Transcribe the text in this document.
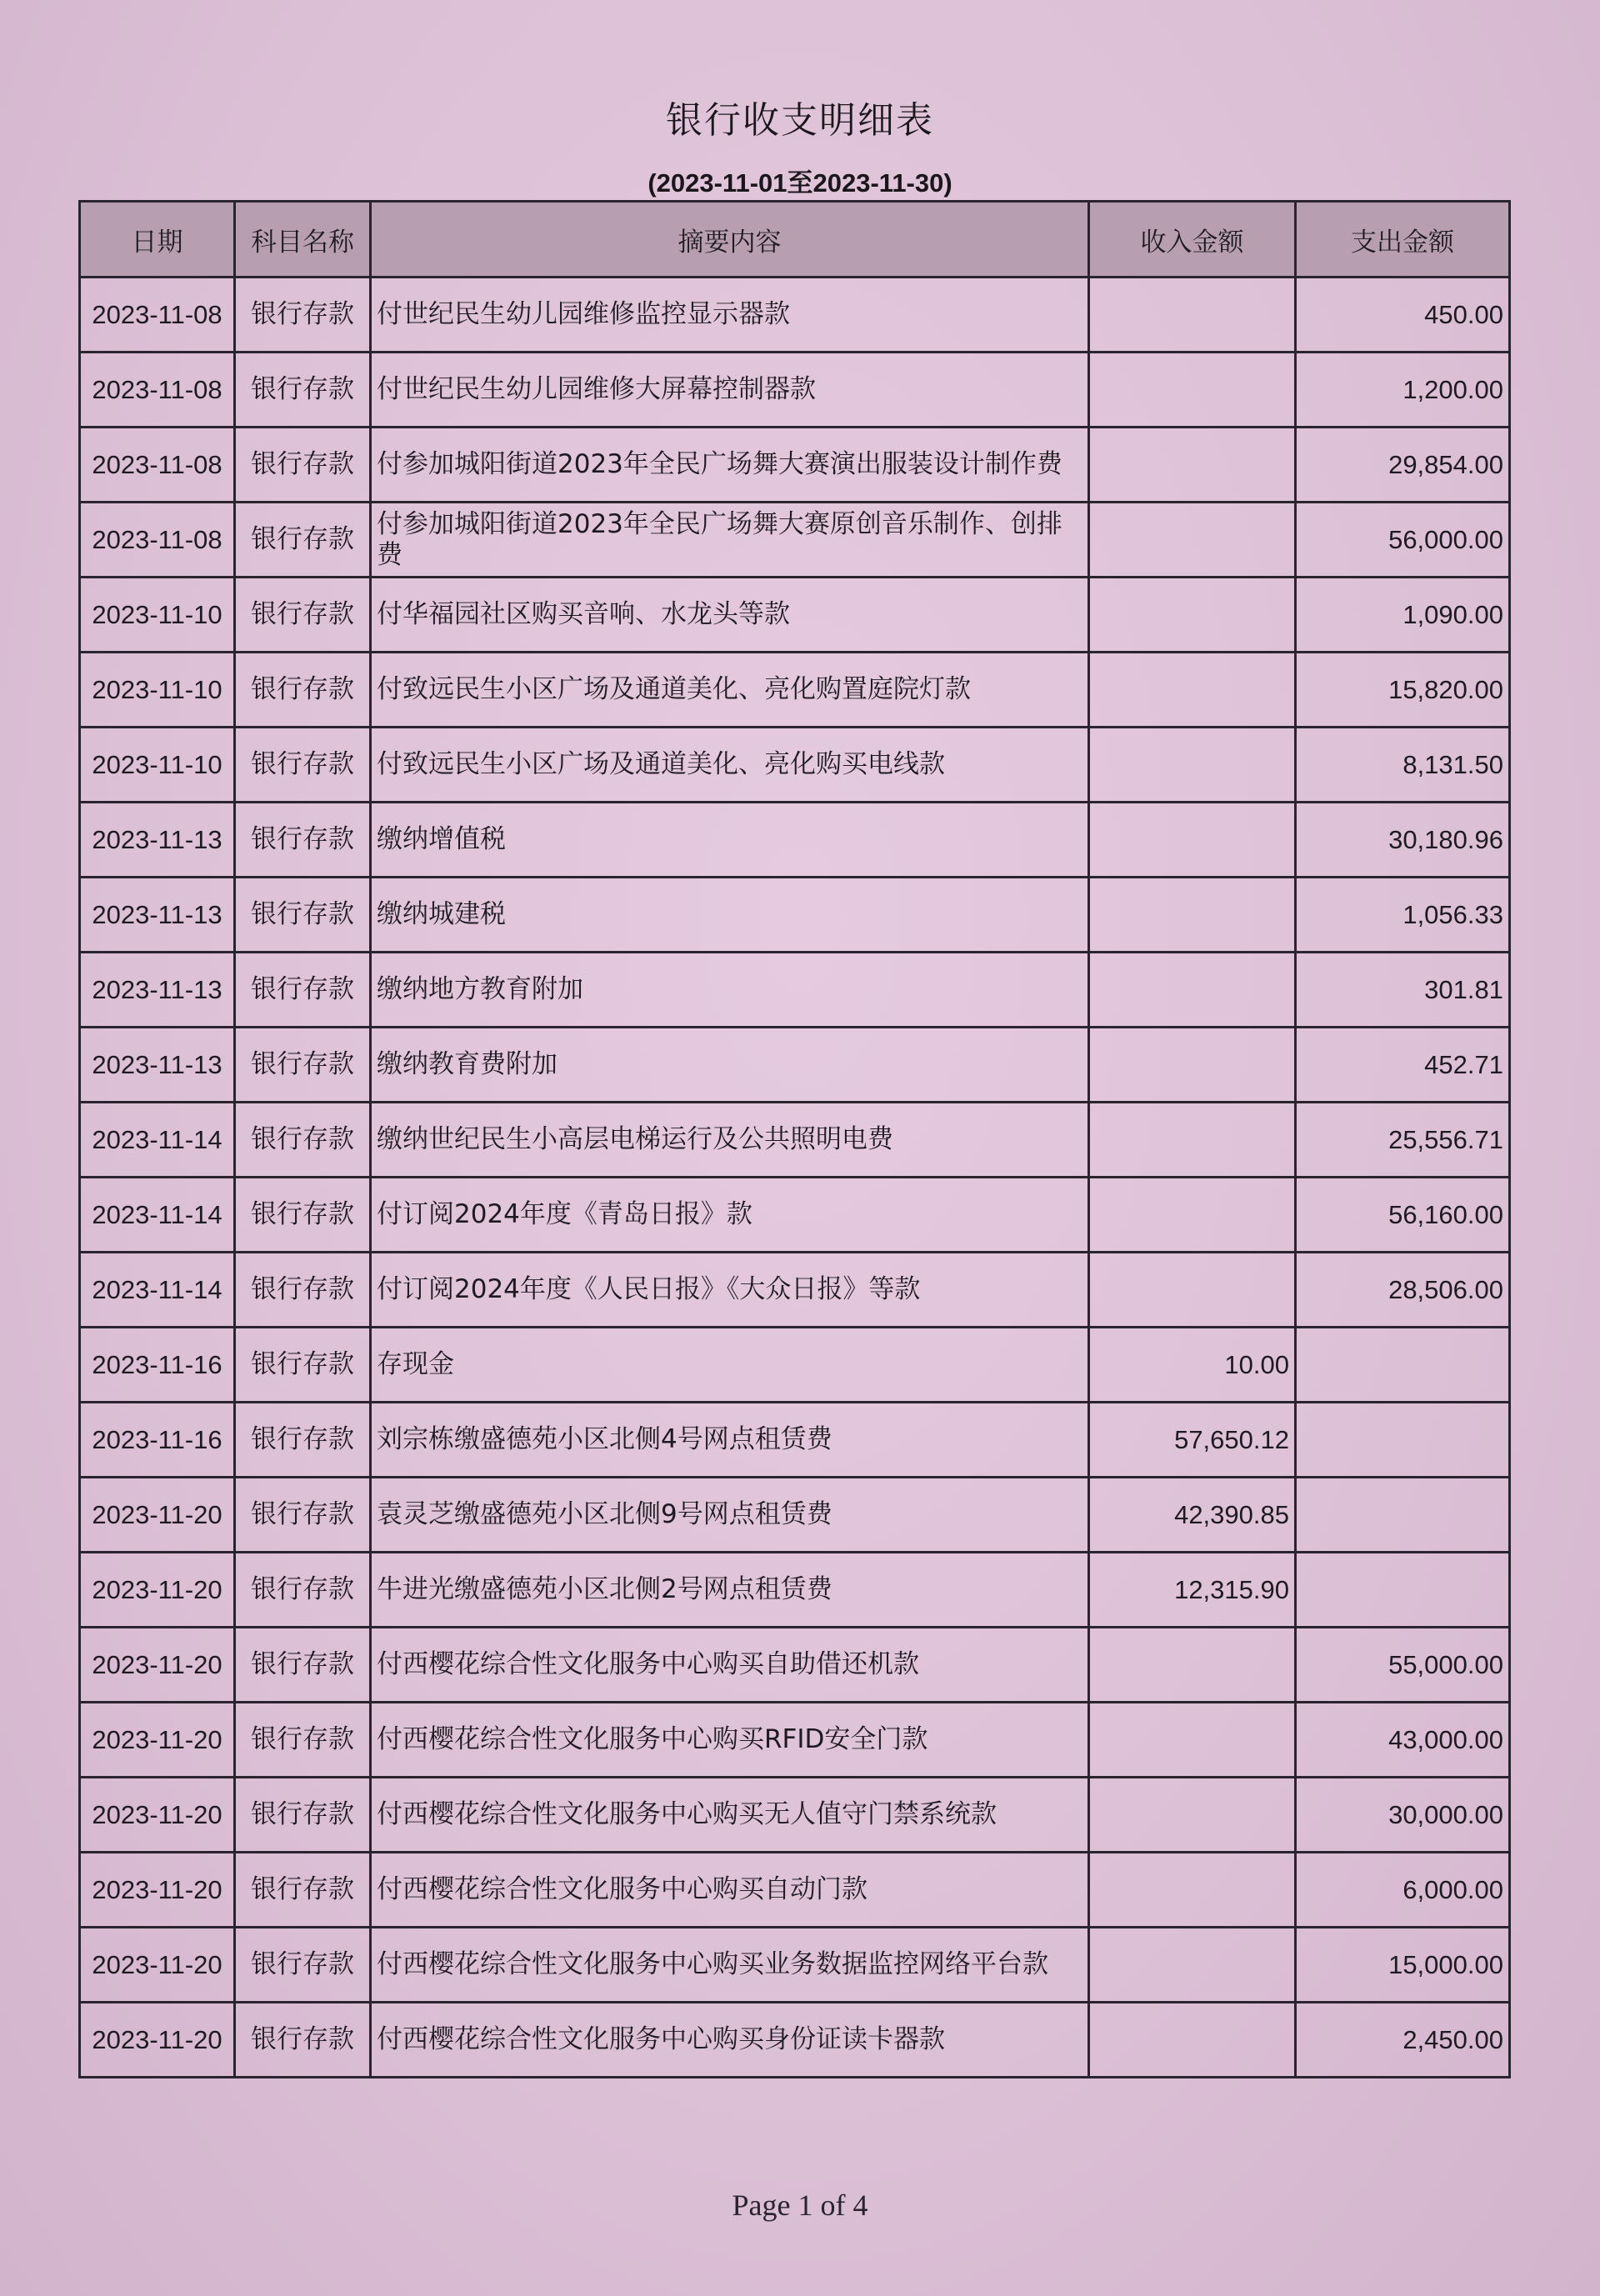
银行收支明细表
(2023-11-01至2023-11-30)
日期	科目名称	摘要内容	收入金额	支出金额
2023-11-08	银行存款	付世纪民生幼儿园维修监控显示器款		450.00
2023-11-08	银行存款	付世纪民生幼儿园维修大屏幕控制器款		1,200.00
2023-11-08	银行存款	付参加城阳街道2023年全民广场舞大赛演出服装设计制作费		29,854.00
2023-11-08	银行存款	付参加城阳街道2023年全民广场舞大赛原创音乐制作、创排费		56,000.00
2023-11-10	银行存款	付华福园社区购买音响、水龙头等款		1,090.00
2023-11-10	银行存款	付致远民生小区广场及通道美化、亮化购置庭院灯款		15,820.00
2023-11-10	银行存款	付致远民生小区广场及通道美化、亮化购买电线款		8,131.50
2023-11-13	银行存款	缴纳增值税		30,180.96
2023-11-13	银行存款	缴纳城建税		1,056.33
2023-11-13	银行存款	缴纳地方教育附加		301.81
2023-11-13	银行存款	缴纳教育费附加		452.71
2023-11-14	银行存款	缴纳世纪民生小高层电梯运行及公共照明电费		25,556.71
2023-11-14	银行存款	付订阅2024年度《青岛日报》款		56,160.00
2023-11-14	银行存款	付订阅2024年度《人民日报》《大众日报》等款		28,506.00
2023-11-16	银行存款	存现金	10.00	
2023-11-16	银行存款	刘宗栋缴盛德苑小区北侧4号网点租赁费	57,650.12	
2023-11-20	银行存款	袁灵芝缴盛德苑小区北侧9号网点租赁费	42,390.85	
2023-11-20	银行存款	牛进光缴盛德苑小区北侧2号网点租赁费	12,315.90	
2023-11-20	银行存款	付西樱花综合性文化服务中心购买自助借还机款		55,000.00
2023-11-20	银行存款	付西樱花综合性文化服务中心购买RFID安全门款		43,000.00
2023-11-20	银行存款	付西樱花综合性文化服务中心购买无人值守门禁系统款		30,000.00
2023-11-20	银行存款	付西樱花综合性文化服务中心购买自动门款		6,000.00
2023-11-20	银行存款	付西樱花综合性文化服务中心购买业务数据监控网络平台款		15,000.00
2023-11-20	银行存款	付西樱花综合性文化服务中心购买身份证读卡器款		2,450.00
Page 1 of 4
